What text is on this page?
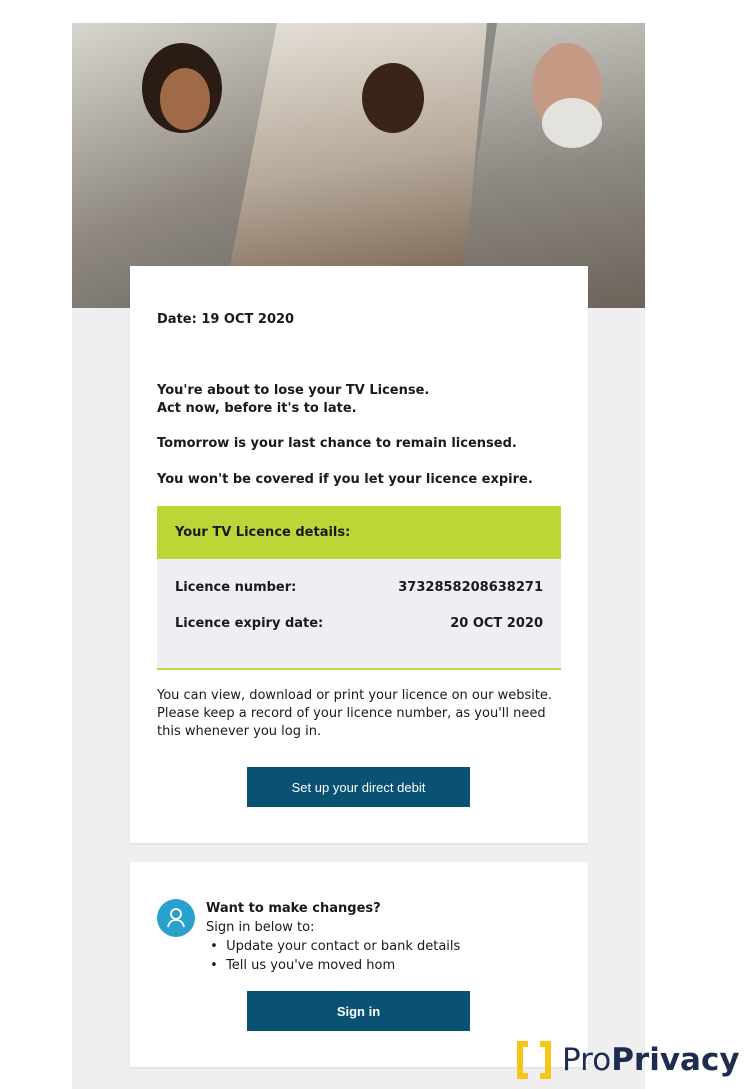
Date: 19 OCT 2020
You're about to lose your TV License.
Act now, before it's to late.
Tomorrow is your last chance to remain licensed.
You won't be covered if you let your licence expire.
Your TV Licence details:
Licence number:	3732858208638271
Licence expiry date:	20 OCT 2020
You can view, download or print your licence on our website. Please keep a record of your licence number, as you'll need this whenever you log in.
Set up your direct debit
Want to make changes?
Sign in below to:
•  Update your contact or bank details
•  Tell us you've moved hom
Sign in
ProPrivacy
